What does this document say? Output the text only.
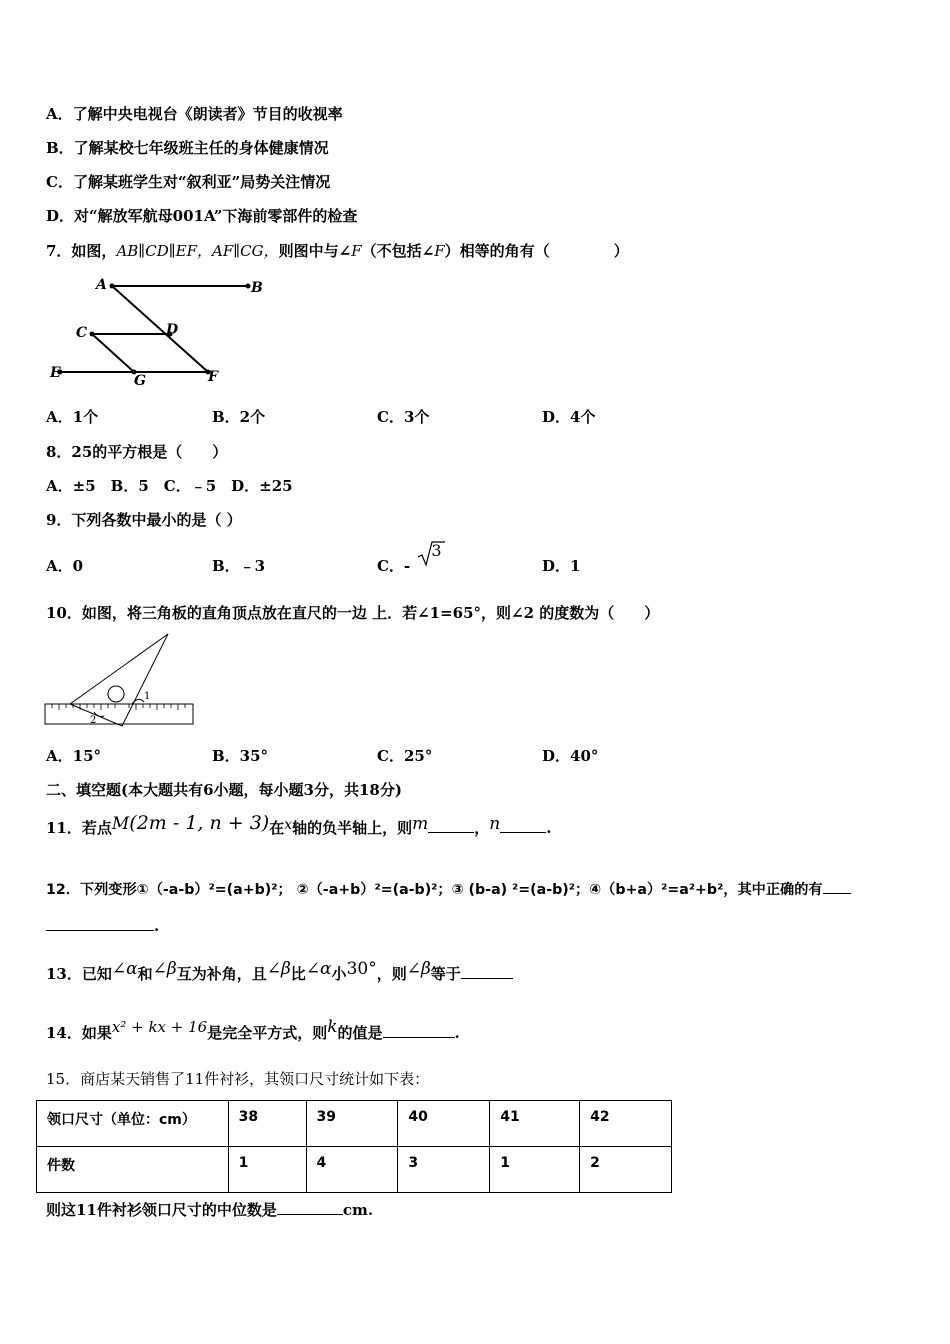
A．了解中央电视台《朗读者》节目的收视率
B．了解某校七年级班主任的身体健康情况
C．了解某班学生对“叙利亚”局势关注情况
D．对“解放军航母001A”下海前零部件的检查
7．如图，AB∥CD∥EF，AF∥CG，则图中与∠F（不包括∠F）相等的角有（	）
A	B
C	D
E	G	F
A．1个	B．2个	C．3个	D．4个
8．25的平方根是（　　）
A．±5　B．5　C．﹣5　D．±25
9．下列各数中最小的是（ ）
A．0	B．﹣3	C．-
3
D．1
10．如图，将三角板的直角顶点放在直尺的一边 上．若∠1=65°，则∠2 的度数为（　　）
1
2
A．15°	B．35°	C．25°	D．40°
二、填空题(本大题共有6小题，每小题3分，共18分)
11．若点M(2m - 1, n + 3)在x轴的负半轴上，则m	，n	.
12．下列变形①（-a-b）²=(a+b)²； ②（-a+b）²=(a-b)²；③ (b-a) ²=(a-b)²；④（b+a）²=a²+b²，其中正确的有
.
13．已知∠α和∠β互为补角，且∠β比∠α小30°，则∠β等于
14．如果x² + kx + 16是完全平方式，则k的值是	.
15．商店某天销售了11件衬衫，其领口尺寸统计如下表：
领口尺寸（单位：cm）	38	39	40	41	42
件数	1	4	3	1	2
则这11件衬衫领口尺寸的中位数是	cm.
